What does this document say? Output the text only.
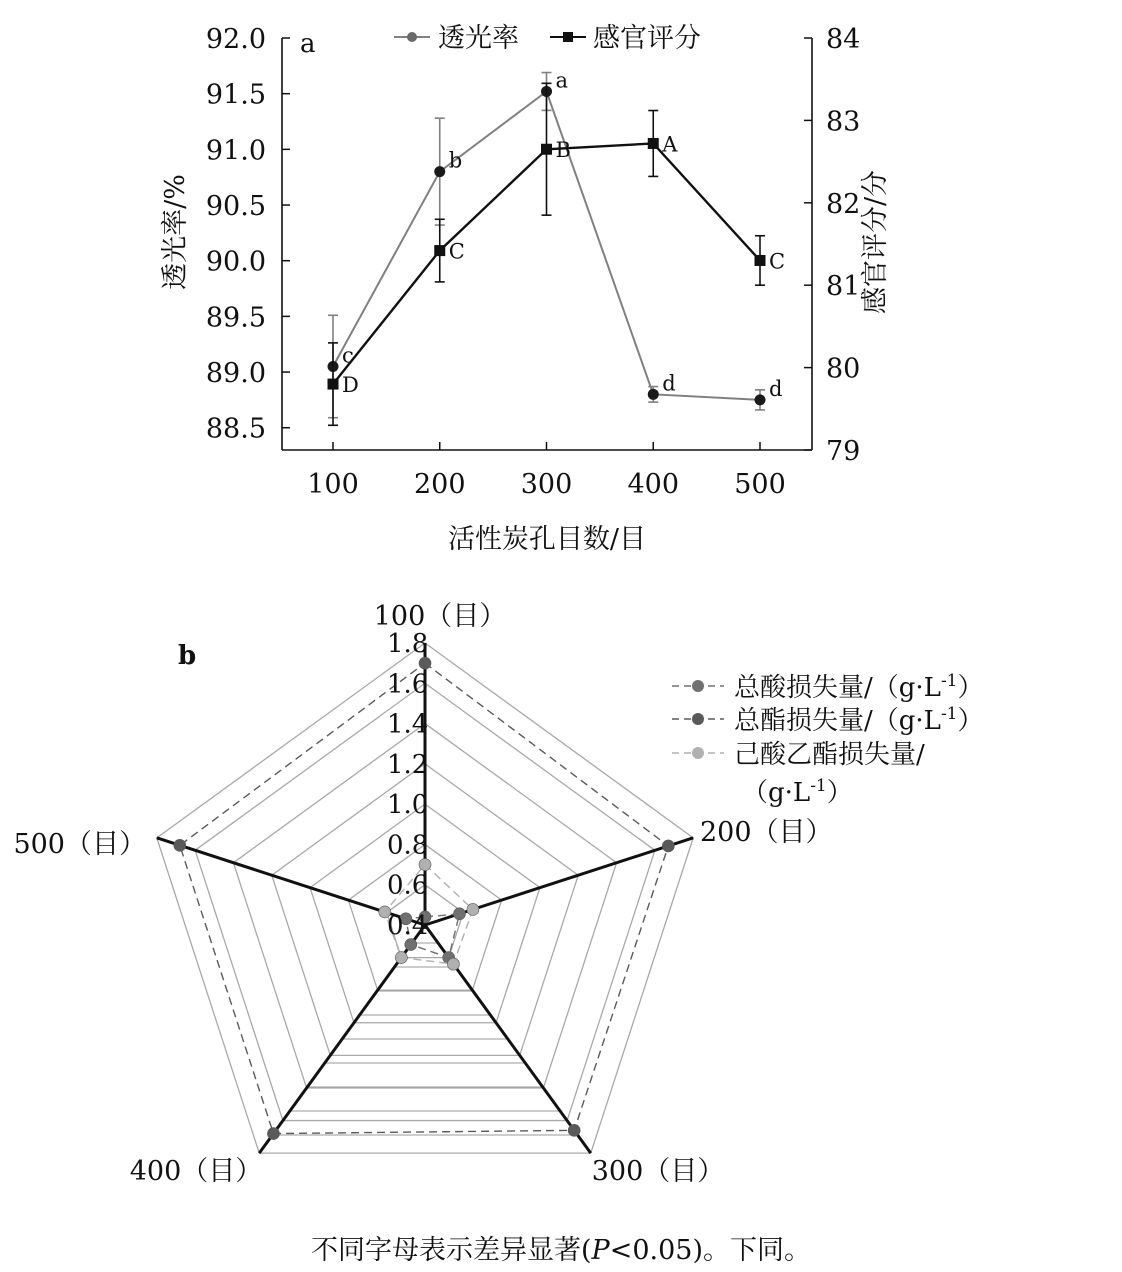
88.5
89.0
89.5
90.0
90.5
91.0
91.5
92.0
79
80
81
82
83
84
100 200 300 400 500
c
b
a
d	d
D
C
B	A
C
a
活性炭孔目数/目
透光率/%	感官评分/分
透光率	感官评分
b
0.4
0.6
0.8
1.0
1.2
1.4
1.6
1.8
100（目）
200（目）
300（目）
400（目）
500（目）
总酸损失量$/(g\cdot L^{-1})$
总酯损失量$/(g\cdot L^{-1})$
己酸乙酯损失量/
$(g\cdot L^{-1})$
不同字母表示差异显著(P<0.05)。下同。
